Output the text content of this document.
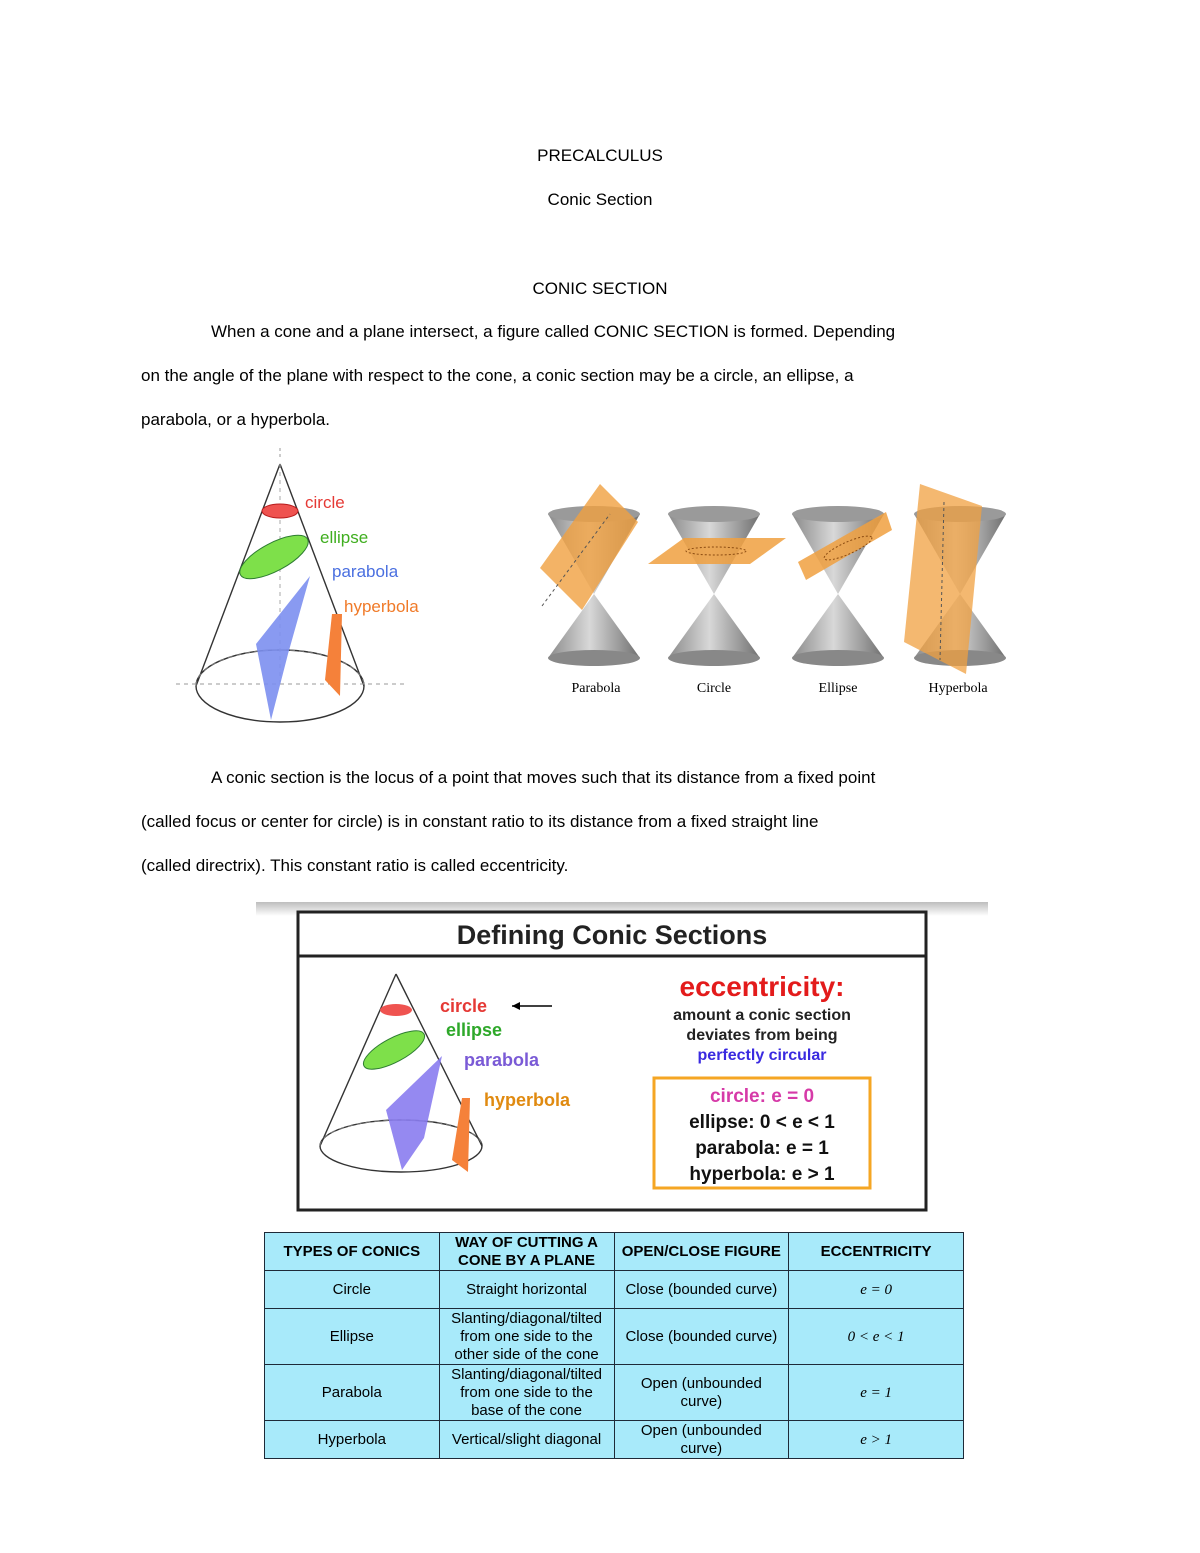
PRECALCULUS
Conic Section
CONIC SECTION
When a cone and a plane intersect, a figure called CONIC SECTION is formed. Depending
on the angle of the plane with respect to the cone, a conic section may be a circle, an ellipse, a
parabola, or a hyperbola.
circle
ellipse
parabola
hyperbola
Parabola	Circle	Ellipse	Hyperbola
A conic section is the locus of a point that moves such that its distance from a fixed point
(called focus or center for circle) is in constant ratio to its distance from a fixed straight line
(called directrix). This constant ratio is called eccentricity.
Defining Conic Sections
circle
ellipse
parabola
hyperbola
eccentricity:
amount a conic section
deviates from being
perfectly circular
circle: e = 0
ellipse: 0 < e < 1
parabola: e = 1
hyperbola: e > 1
TYPES OF CONICS	WAY OF CUTTING A CONE BY A PLANE	OPEN/CLOSE FIGURE	ECCENTRICITY
Circle	Straight horizontal	Close (bounded curve)	e = 0
Ellipse	Slanting/diagonal/tilted from one side to the other side of the cone	Close (bounded curve)	0 < e < 1
Parabola	Slanting/diagonal/tilted from one side to the base of the cone	Open (unbounded curve)	e = 1
Hyperbola	Vertical/slight diagonal	Open (unbounded curve)	e > 1
